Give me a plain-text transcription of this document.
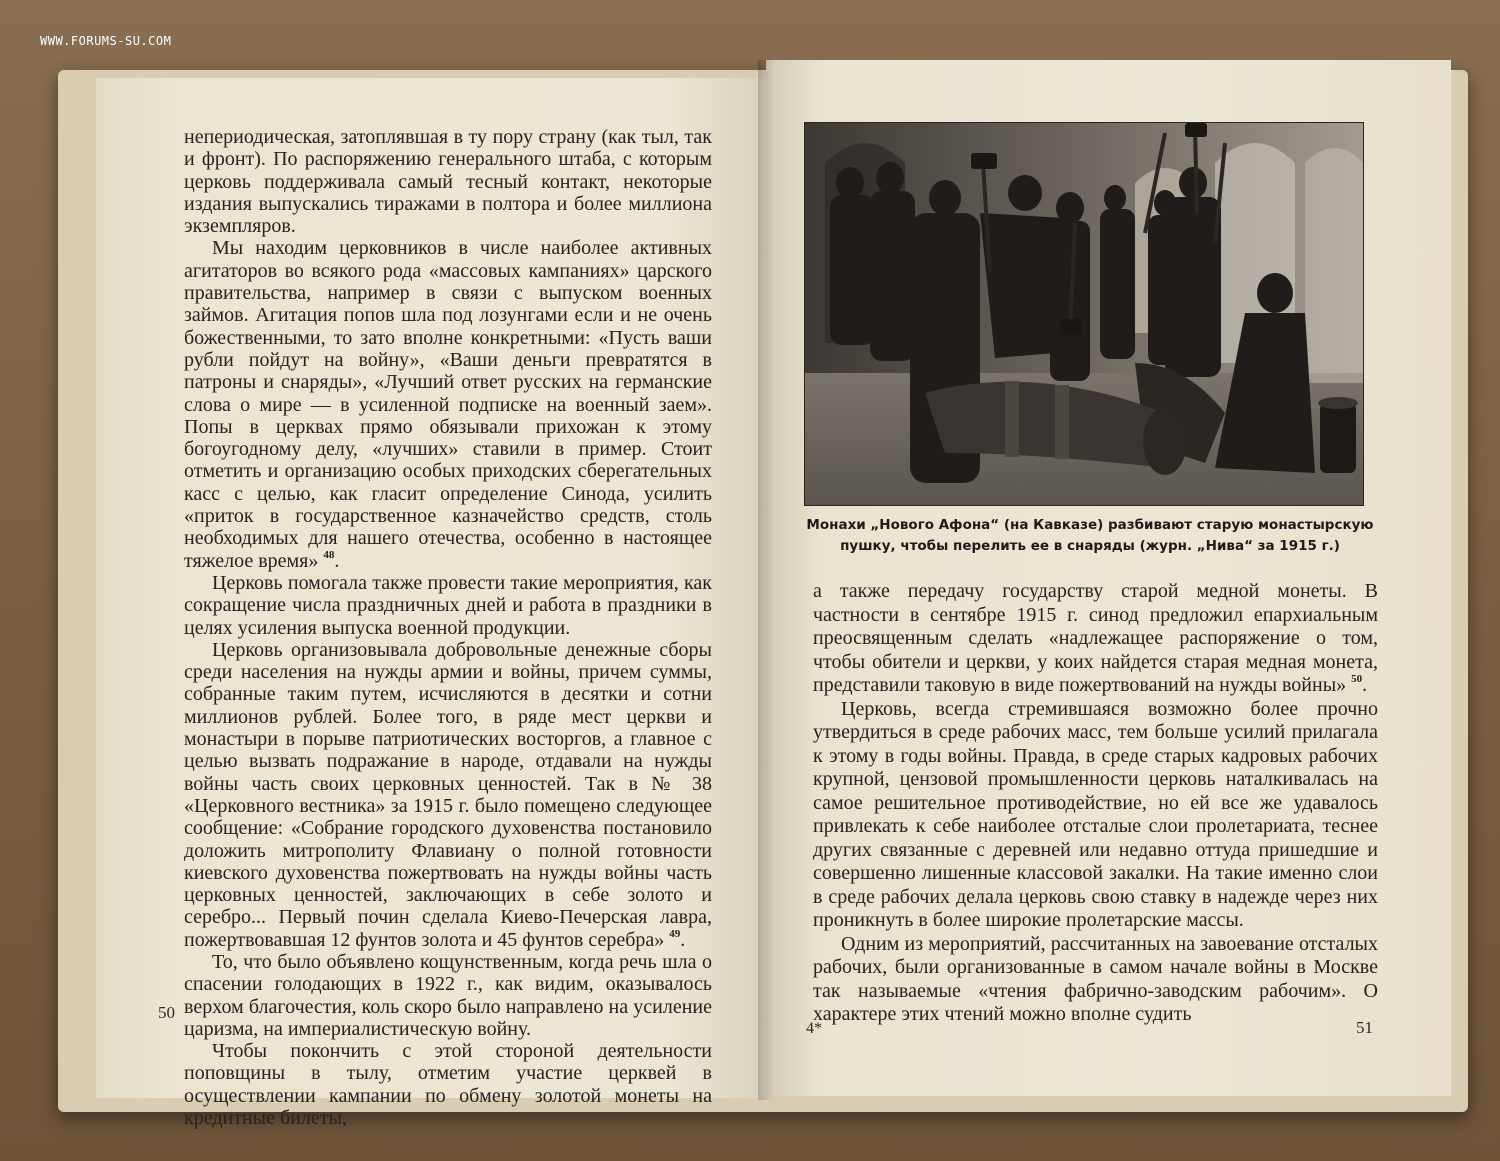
WWW.FORUMS-SU.COM

непериодическая, затоплявшая в ту пору страну (как тыл, так и фронт). По распоряжению генерального штаба, с которым церковь поддерживала самый тесный контакт, некоторые издания выпускались тиражами в полтора и более миллиона экземпляров.

Мы находим церковников в числе наиболее активных агитаторов во всякого рода «массовых кампаниях» царского правительства, например в связи с выпуском военных займов. Агитация попов шла под лозунгами если и не очень божественными, то зато вполне конкретными: «Пусть ваши рубли пойдут на войну», «Ваши деньги превратятся в патроны и снаряды», «Лучший ответ русских на германские слова о мире — в усиленной подписке на военный заем». Попы в церквах прямо обязывали прихожан к этому богоугодному делу, «лучших» ставили в пример. Стоит отметить и организацию особых приходских сберегательных касс с целью, как гласит определение Синода, усилить «приток в государственное казначейство средств, столь необходимых для нашего отечества, особенно в настоящее тяжелое время» $^{48}$.

Церковь помогала также провести такие мероприятия, как сокращение числа праздничных дней и работа в праздники в целях усиления выпуска военной продукции.

Церковь организовывала добровольные денежные сборы среди населения на нужды армии и войны, причем суммы, собранные таким путем, исчисляются в десятки и сотни миллионов рублей. Более того, в ряде мест церкви и монастыри в порыве патриотических восторгов, а главное с целью вызвать подражание в народе, отдавали на нужды войны часть своих церковных ценностей. Так в № 38 «Церковного вестника» за 1915 г. было помещено следующее сообщение: «Собрание городского духовенства постановило доложить митрополиту Флавиану о полной готовности киевского духовенства пожертвовать на нужды войны часть церковных ценностей, заключающих в себе золото и серебро... Первый почин сделала Киево-Печерская лавра, пожертвовавшая 12 фунтов золота и 45 фунтов серебра» $^{49}$.

То, что было объявлено кощунственным, когда речь шла о спасении голодающих в 1922 г., как видим, оказывалось верхом благочестия, коль скоро было направлено на усиление царизма, на империалистическую войну.

Чтобы покончить с этой стороной деятельности поповщины в тылу, отметим участие церквей в осуществлении кампании по обмену золотой монеты на кредитные билеты,

50
Монахи „Нового Афона“ (на Кавказе) разбивают старую монастырскую пушку, чтобы перелить ее в снаряды (журн. „Нива“ за 1915 г.)

а также передачу государству старой медной монеты. В частности в сентябре 1915 г. синод предложил епархиальным преосвященным сделать «надлежащее распоряжение о том, чтобы обители и церкви, у коих найдется старая медная монета, представили таковую в виде пожертвований на нужды войны» $^{50}$.

Церковь, всегда стремившаяся возможно более прочно утвердиться в среде рабочих масс, тем больше усилий прилагала к этому в годы войны. Правда, в среде старых кадровых рабочих крупной, цензовой промышленности церковь наталкивалась на самое решительное противодействие, но ей все же удавалось привлекать к себе наиболее отсталые слои пролетариата, теснее других связанные с деревней или недавно оттуда пришедшие и совершенно лишенные классовой закалки. На такие именно слои в среде рабочих делала церковь свою ставку в надежде через них проникнуть в более широкие пролетарские массы.

Одним из мероприятий, рассчитанных на завоевание отсталых рабочих, были организованные в самом начале войны в Москве так называемые «чтения фабрично-заводским рабочим». О характере этих чтений можно вполне судить

4*	51
